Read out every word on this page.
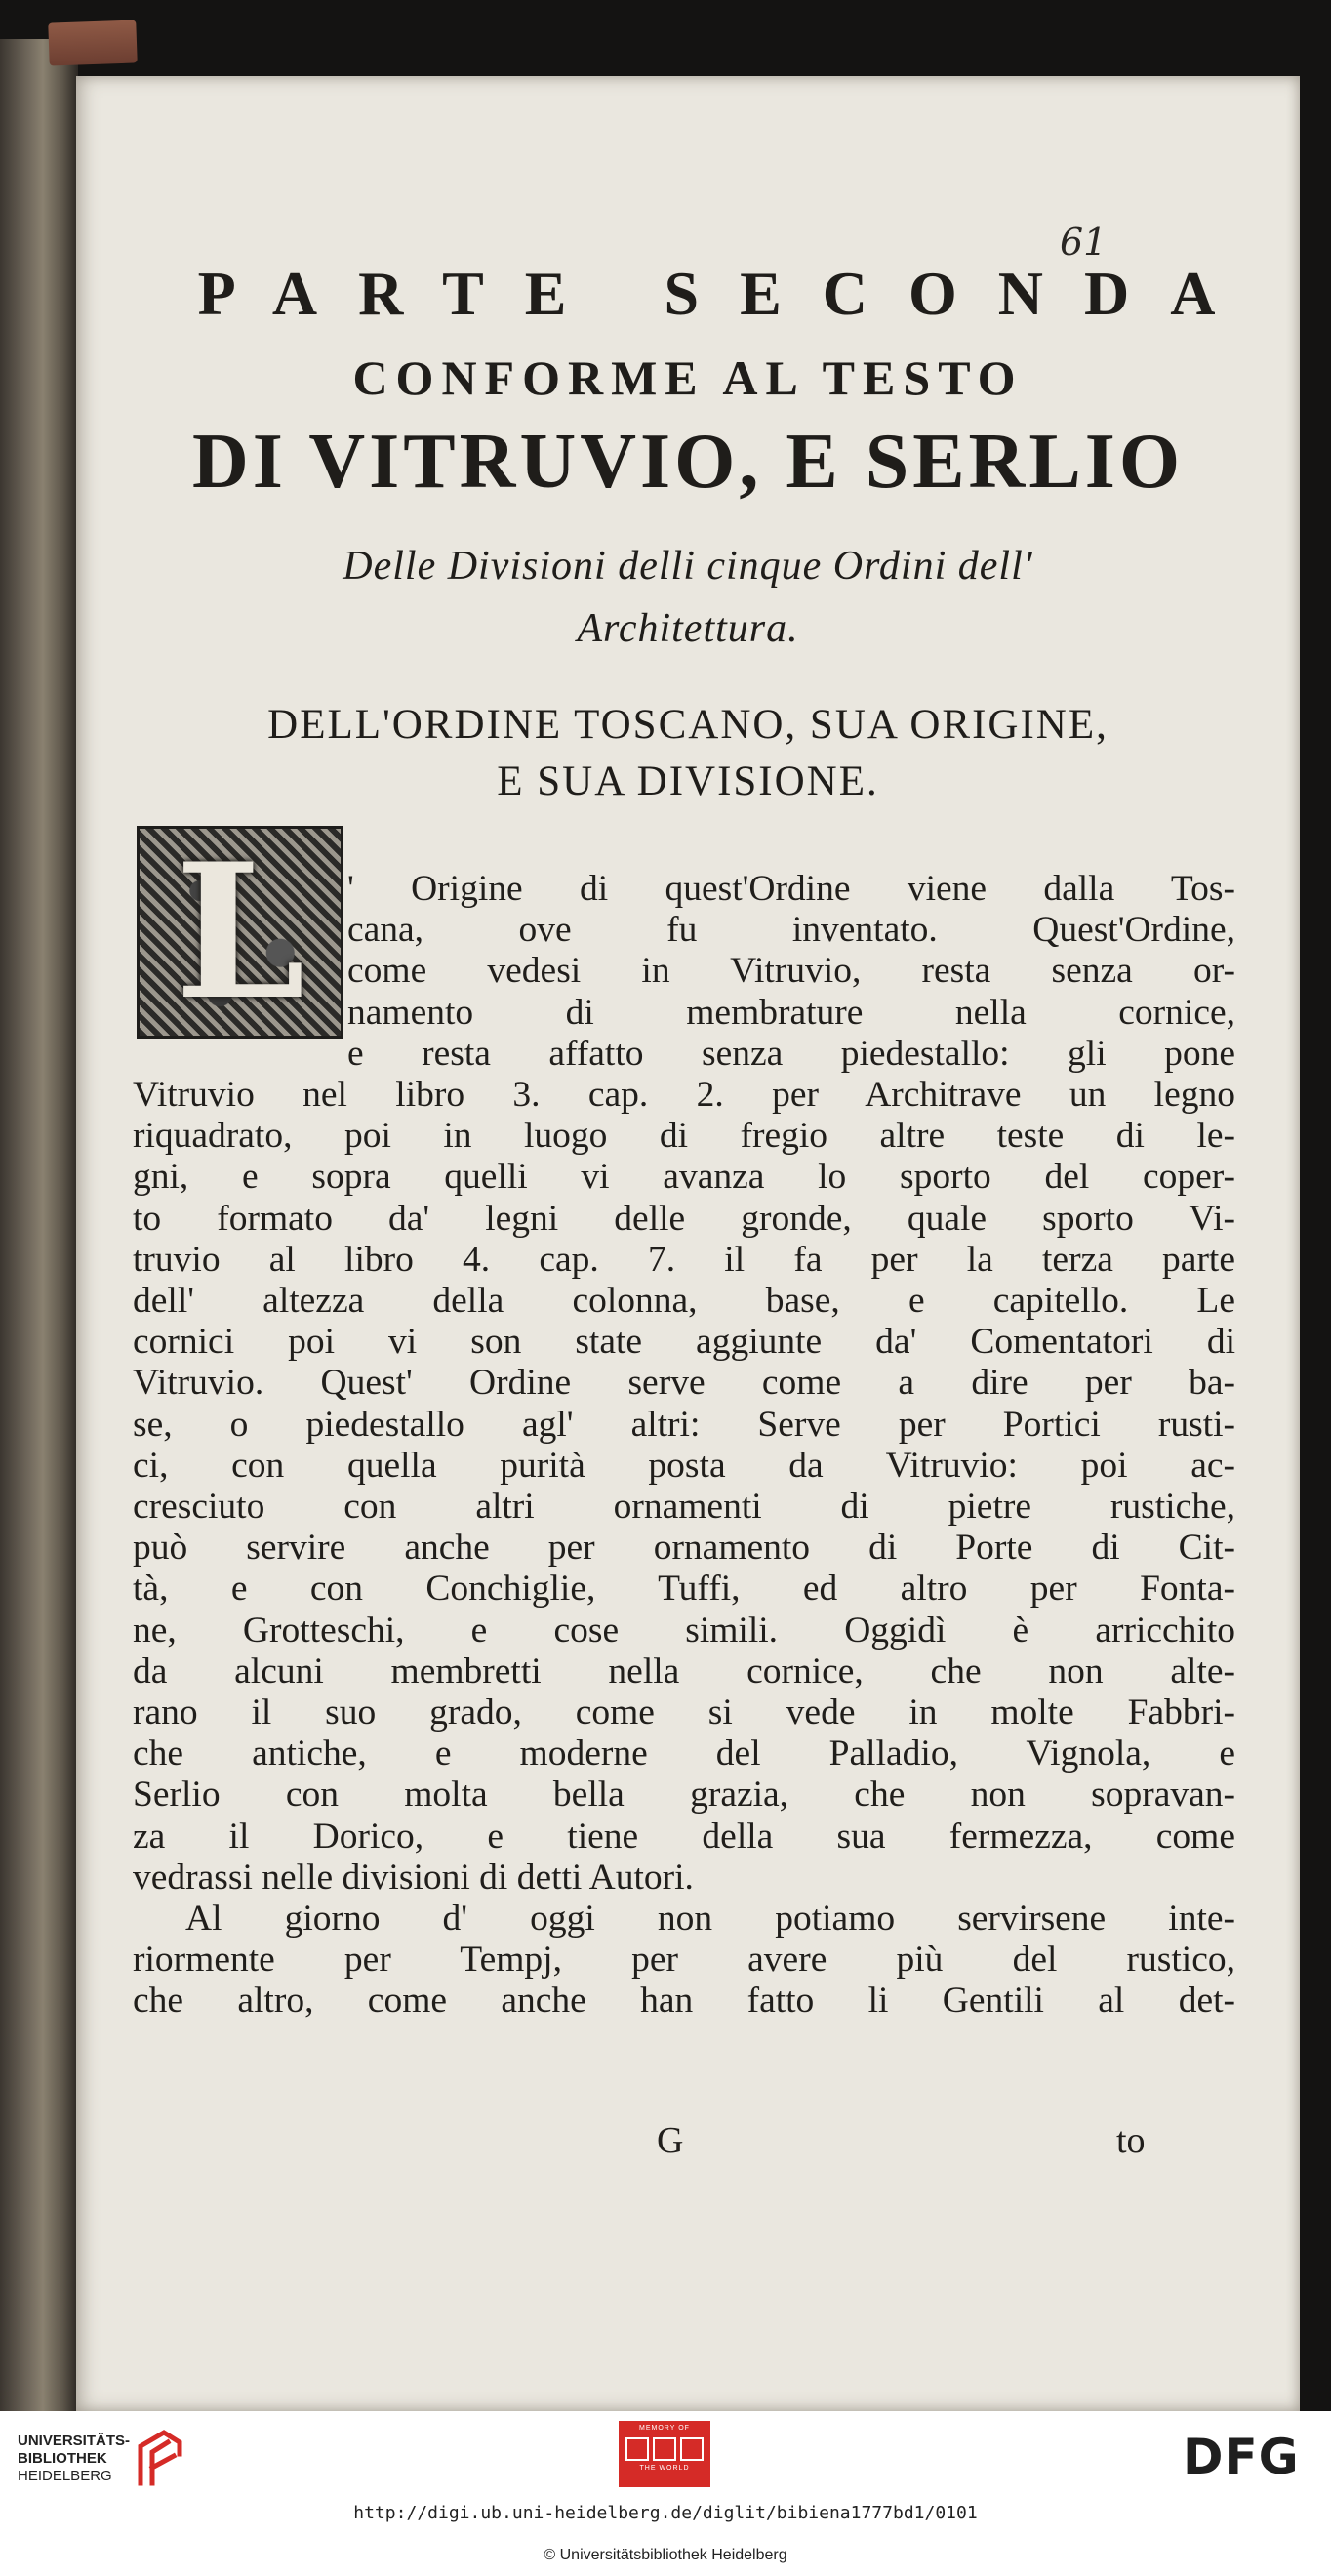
61
PARTE SECONDA
CONFORME AL TESTO
DI VITRUVIO, E SERLIO
Delle Divisioni delli cinque Ordini dell'
Architettura.
DELL'ORDINE TOSCANO, SUA ORIGINE,
E SUA DIVISIONE.
L	' Origine di quest'Ordine viene dalla Tos-
cana, ove fu inventato. Quest'Ordine,
come vedesi in Vitruvio, resta senza or-
namento di membrature nella cornice,
e resta affatto senza piedestallo: gli pone
Vitruvio nel libro 3. cap. 2. per Architrave un legno
riquadrato, poi in luogo di fregio altre teste di le-
gni, e sopra quelli vi avanza lo sporto del coper-
to formato da' legni delle gronde, quale sporto Vi-
truvio al libro 4. cap. 7. il fa per la terza parte
dell' altezza della colonna, base, e capitello. Le
cornici poi vi son state aggiunte da' Comentatori di
Vitruvio. Quest' Ordine serve come a dire per ba-
se, o piedestallo agl' altri: Serve per Portici rusti-
ci, con quella purità posta da Vitruvio: poi ac-
cresciuto con altri ornamenti di pietre rustiche,
può servire anche per ornamento di Porte di Cit-
tà, e con Conchiglie, Tuffi, ed altro per Fonta-
ne, Grotteschi, e cose simili. Oggidì è arricchito
da alcuni membretti nella cornice, che non alte-
rano il suo grado, come si vede in molte Fabbri-
che antiche, e moderne del Palladio, Vignola, e
Serlio con molta bella grazia, che non sopravan-
za il Dorico, e tiene della sua fermezza, come
vedrassi nelle divisioni di detti Autori.
Al giorno d' oggi non potiamo servirsene inte-
riormente per Tempj, per avere più del rustico,
che altro, come anche han fatto li Gentili al det-
G	to
UNIVERSITÄTS-
BIBLIOTHEK
HEIDELBERG
MEMORY OF
THE WORLD	DFG
http://digi.ub.uni-heidelberg.de/diglit/bibiena1777bd1/0101
© Universitätsbibliothek Heidelberg
